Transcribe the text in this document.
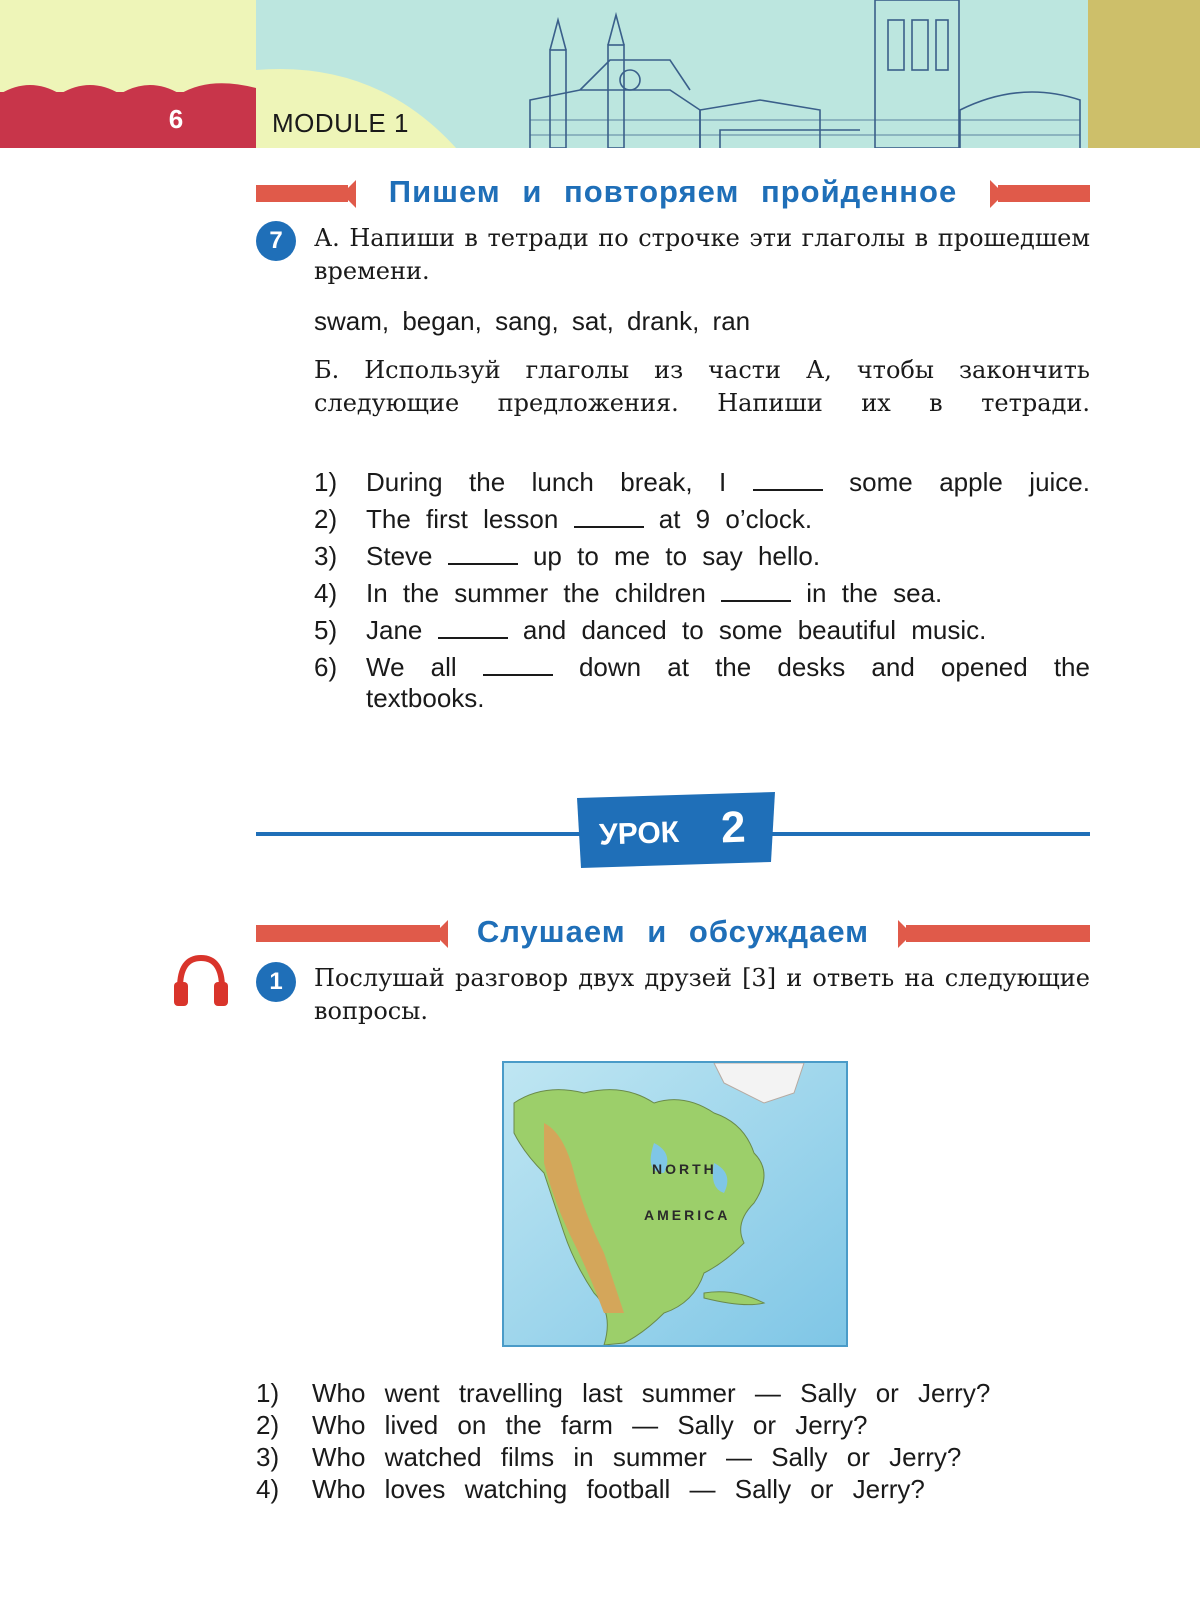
6	MODULE 1
Пишем и повторяем пройденное
7	А. Напиши в тетради по строчке эти глаголы в прошедшем времени.
swam, began, sang, sat, drank, ran
Б. Используй глаголы из части А, чтобы закончить следующие предложения. Напиши их в тетради.
1)	During the lunch break, I	some apple juice.
2)	The first lesson	at 9 o’clock.
3)	Steve	up to me to say hello.
4)	In the summer the children	in the sea.
5)	Jane	and danced to some beautiful music.
6)	We all	down at the desks and opened the textbooks.
УРОК 2
Слушаем и обсуждаем
1	Послушай разговор двух друзей [3] и ответь на следующие вопросы.
NORTH
AMERICA
1)	Who went travelling last summer — Sally or Jerry?
2)	Who lived on the farm — Sally or Jerry?
3)	Who watched films in summer — Sally or Jerry?
4)	Who loves watching football — Sally or Jerry?
